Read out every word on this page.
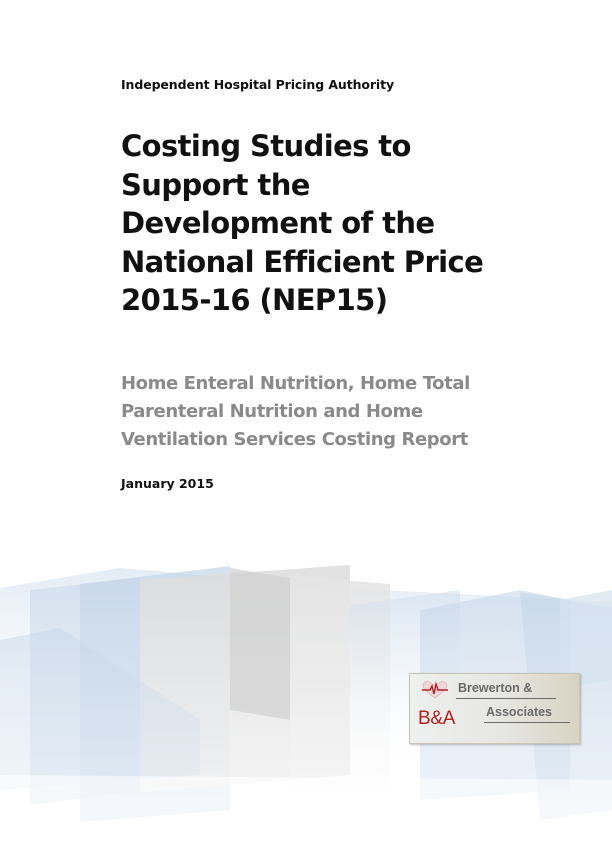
Independent Hospital Pricing Authority

Costing Studies to
Support the
Development of the
National Efficient Price
2015-16 (NEP15)
Home Enteral Nutrition, Home Total
Parenteral Nutrition and Home
Ventilation Services Costing Report

January 2015

B&A

Brewerton &

Associates
